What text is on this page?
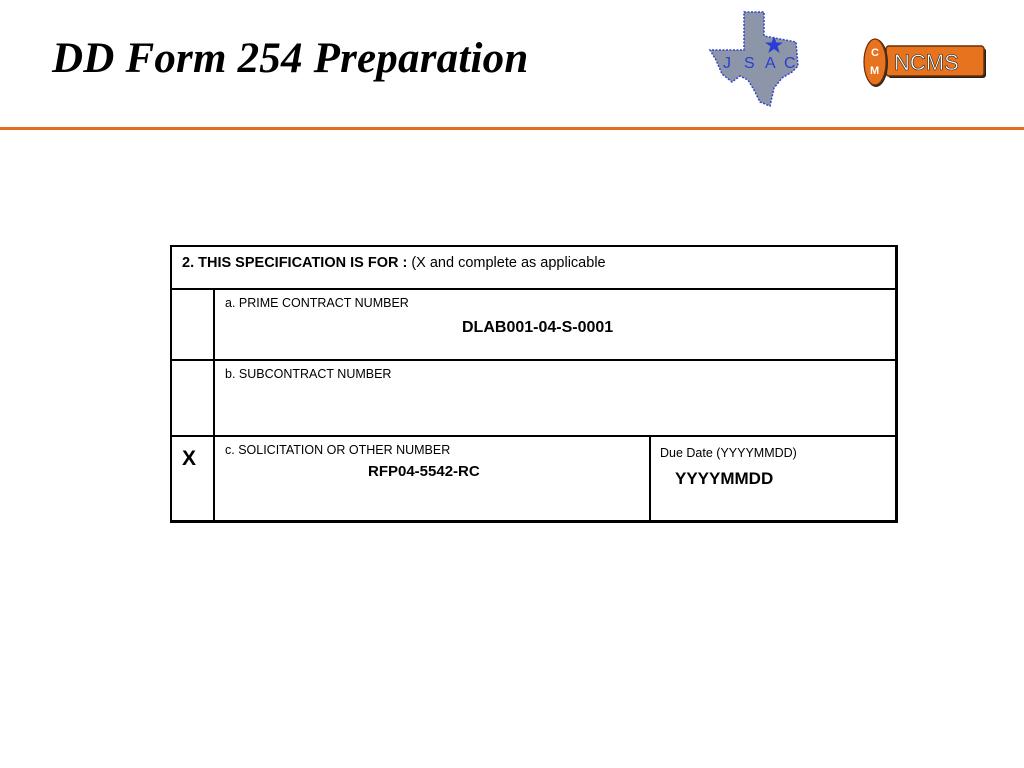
DD Form 254 Preparation	J S A C
C
M NCMS
2. THIS SPECIFICATION IS FOR : (X and complete as applicable
a. PRIME CONTRACT NUMBER
DLAB001-04-S-0001
b. SUBCONTRACT NUMBER
X c. SOLICITATION OR OTHER NUMBER
RFP04-5542-RC
Due Date (YYYYMMDD)
YYYYMMDD
